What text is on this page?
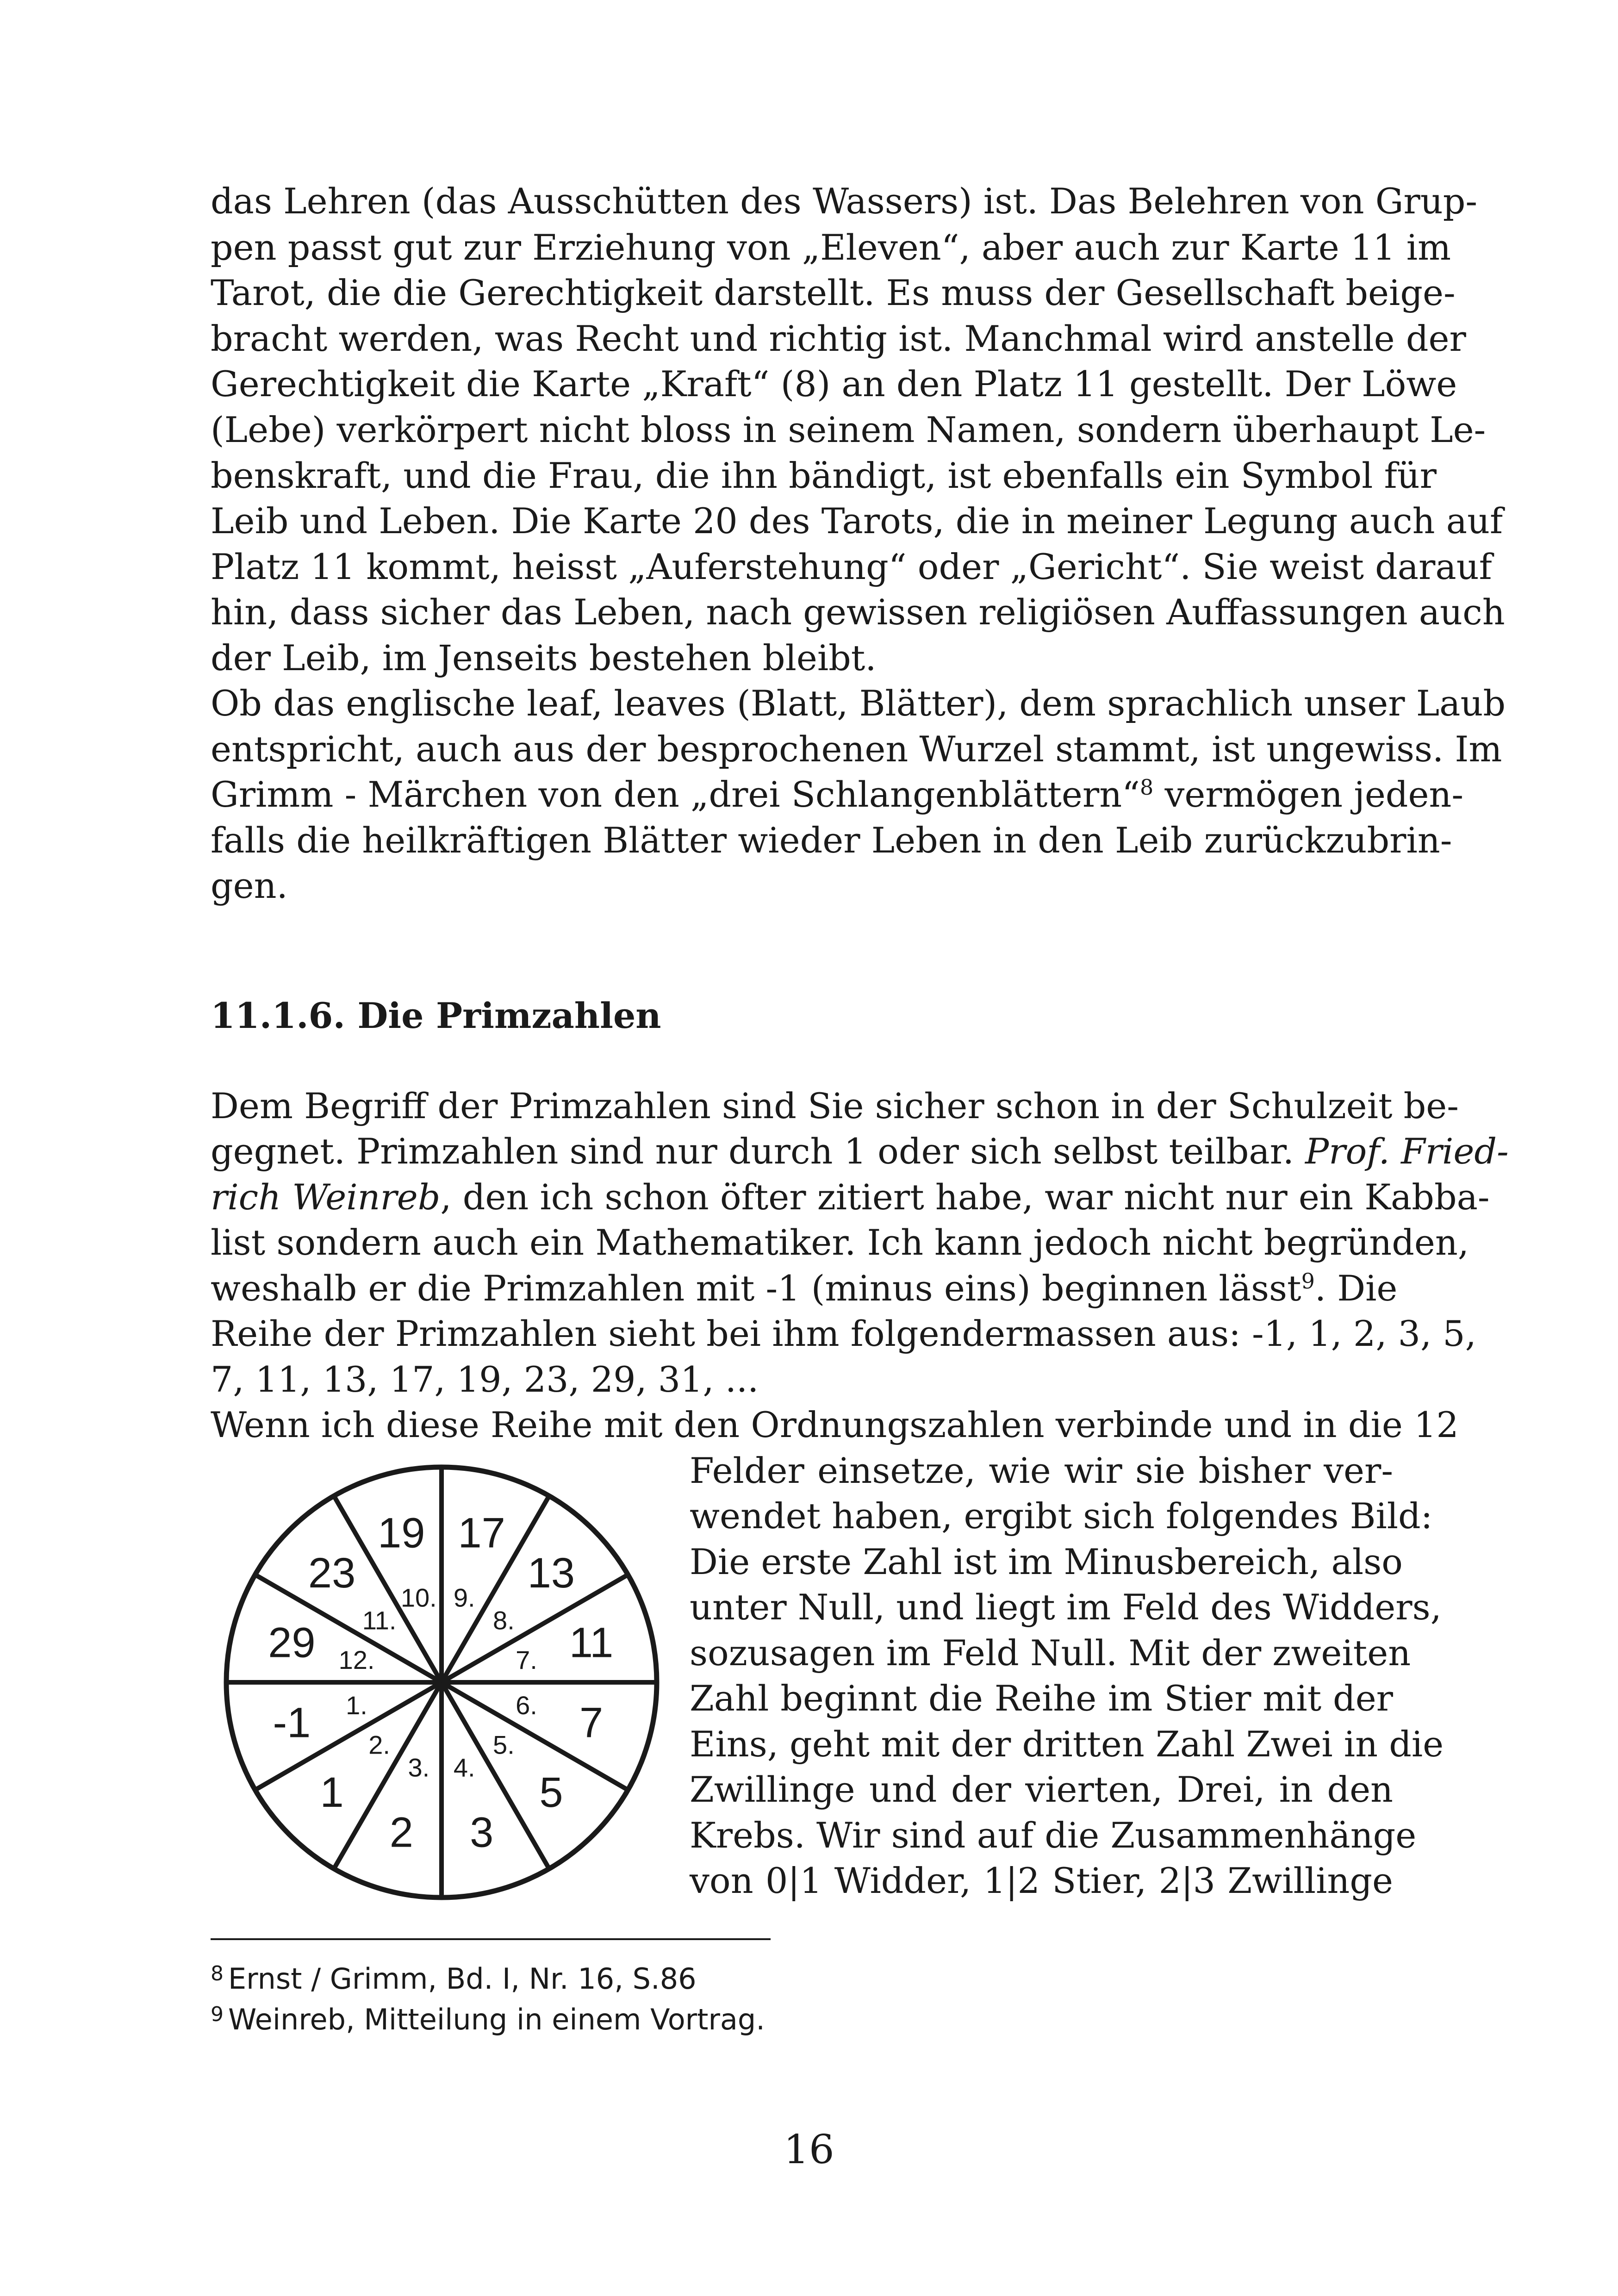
das Lehren (das Ausschütten des Wassers) ist. Das Belehren von Grup-
pen passt gut zur Erziehung von „Eleven“, aber auch zur Karte 11 im
Tarot, die die Gerechtigkeit darstellt. Es muss der Gesellschaft beige-
bracht werden, was Recht und richtig ist. Manchmal wird anstelle der
Gerechtigkeit die Karte „Kraft“ (8) an den Platz 11 gestellt. Der Löwe
(Lebe) verkörpert nicht bloss in seinem Namen, sondern überhaupt Le-
benskraft, und die Frau, die ihn bändigt, ist ebenfalls ein Symbol für
Leib und Leben. Die Karte 20 des Tarots, die in meiner Legung auch auf
Platz 11 kommt, heisst „Auferstehung“ oder „Gericht“. Sie weist darauf
hin, dass sicher das Leben, nach gewissen religiösen Auffassungen auch
der Leib, im Jenseits bestehen bleibt.
Ob das englische leaf, leaves (Blatt, Blätter), dem sprachlich unser Laub
entspricht, auch aus der besprochenen Wurzel stammt, ist ungewiss. Im
Grimm - Märchen von den „drei Schlangenblättern“$^8$ vermögen jeden-
falls die heilkräftigen Blätter wieder Leben in den Leib zurückzubrin-
gen.
11.1.6. Die Primzahlen
Dem Begriff der Primzahlen sind Sie sicher schon in der Schulzeit be-
gegnet. Primzahlen sind nur durch 1 oder sich selbst teilbar. Prof. Fried-
rich Weinreb, den ich schon öfter zitiert habe, war nicht nur ein Kabba-
list sondern auch ein Mathematiker. Ich kann jedoch nicht begründen,
weshalb er die Primzahlen mit -1 (minus eins) beginnen lässt$^9$. Die
Reihe der Primzahlen sieht bei ihm folgendermassen aus: -1, 1, 2, 3, 5,
7, 11, 13, 17, 19, 23, 29, 31, ...
Wenn ich diese Reihe mit den Ordnungszahlen verbinde und in die 12
Felder einsetze, wie wir sie bisher ver-
wendet haben, ergibt sich folgendes Bild:
Die erste Zahl ist im Minusbereich, also
unter Null, und liegt im Feld des Widders,
sozusagen im Feld Null. Mit der zweiten
Zahl beginnt die Reihe im Stier mit der
Eins, geht mit der dritten Zahl Zwei in die
Zwillinge und der vierten, Drei, in den
Krebs. Wir sind auf die Zusammenhänge
von 0|1 Widder, 1|2 Stier, 2|3 Zwillinge
-1 1.
1
2.
2
3.
3
4.
5
5. 7
6.
11
7.
13
8.
17
9.
19
10.
23
11.
29 12.
$^8$ Ernst / Grimm, Bd. I, Nr. 16, S.86
$^9$ Weinreb, Mitteilung in einem Vortrag.
16
